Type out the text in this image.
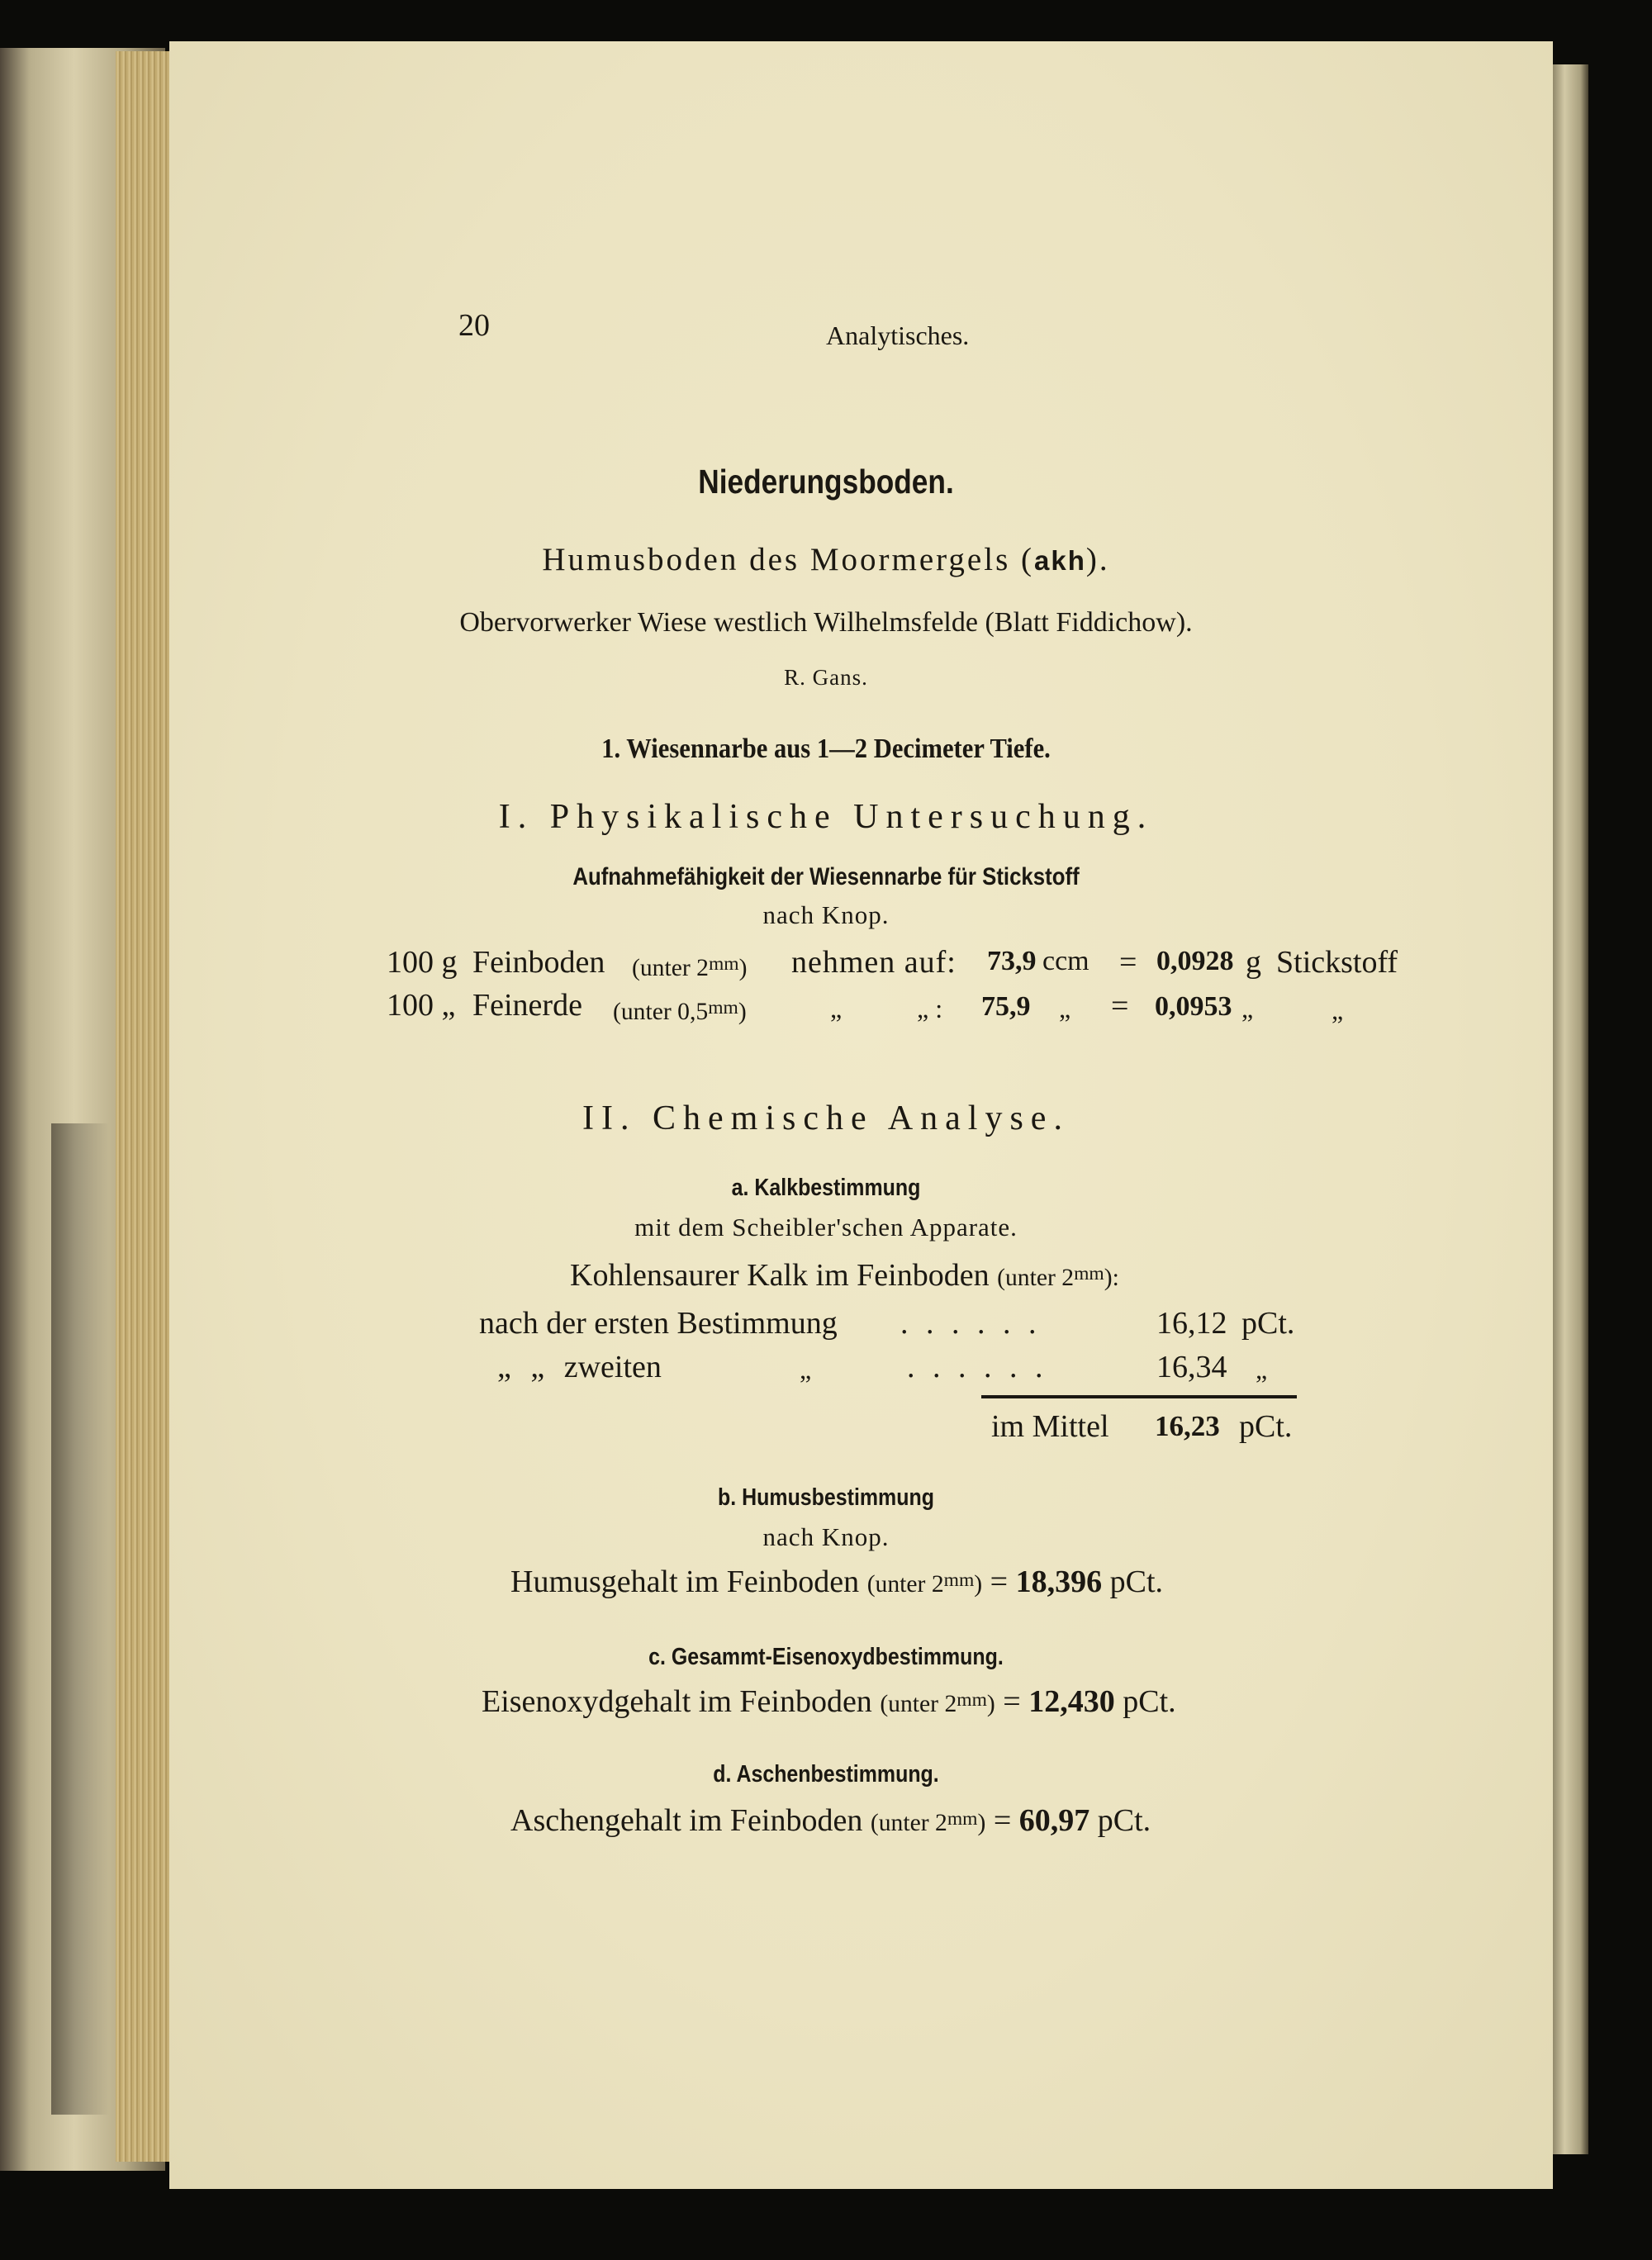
20	Analytisches.
Niederungsboden.
Humusboden des Moormergels (akh).
Obervorwerker Wiese westlich Wilhelmsfelde (Blatt Fiddichow).
R. Gans.
1. Wiesennarbe aus 1—2 Decimeter Tiefe.
I. Physikalische Untersuchung.
Aufnahmefähigkeit der Wiesennarbe für Stickstoff
nach Knop.
100 g Feinboden (unter 2mm) nehmen auf: 73,9 ccm = 0,0928 g Stickstoff
100 „ Feinerde (unter 0,5mm)	„	„ : 75,9 „ = 0,0953 „	„
II. Chemische Analyse.
a. Kalkbestimmung
mit dem Scheibler'schen Apparate.
Kohlensaurer Kalk im Feinboden (unter 2mm):
nach der ersten Bestimmung . . . . . .	16,12 pCt.
„ „ zweiten	„	. . . . . .	16,34 „
im Mittel 16,23 pCt.
b. Humusbestimmung
nach Knop.
Humusgehalt im Feinboden (unter 2mm) = 18,396 pCt.
c. Gesammt-Eisenoxydbestimmung.
Eisenoxydgehalt im Feinboden (unter 2mm) = 12,430 pCt.
d. Aschenbestimmung.
Aschengehalt im Feinboden (unter 2mm) = 60,97 pCt.
